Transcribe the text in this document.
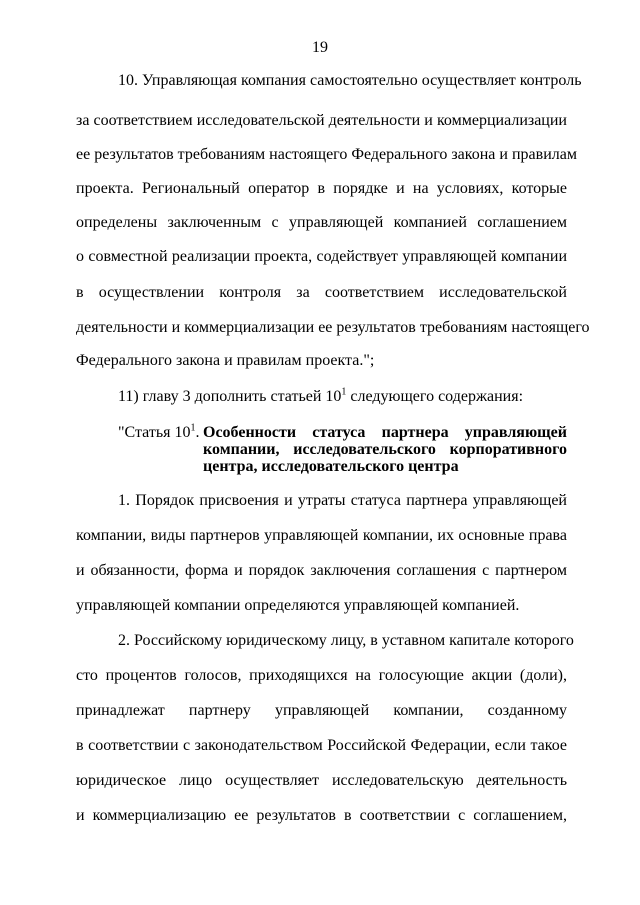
19
10. Управляющая компания самостоятельно осуществляет контроль
за соответствием исследовательской деятельности и коммерциализации
ее результатов требованиям настоящего Федерального закона и правилам
проекта. Региональный оператор в порядке и на условиях, которые
определены заключенным с управляющей компанией соглашением
о совместной реализации проекта, содействует управляющей компании
в осуществлении контроля за соответствием исследовательской
деятельности и коммерциализации ее результатов требованиям настоящего
Федерального закона и правилам проекта.";
11) главу 3 дополнить статьей $10^1$ следующего содержания:
"Статья $10^1$. Особенности статуса партнера управляющей
компании, исследовательского корпоративного
центра, исследовательского центра
1. Порядок присвоения и утраты статуса партнера управляющей
компании, виды партнеров управляющей компании, их основные права
и обязанности, форма и порядок заключения соглашения с партнером
управляющей компании определяются управляющей компанией.
2. Российскому юридическому лицу, в уставном капитале которого
сто процентов голосов, приходящихся на голосующие акции (доли),
принадлежат партнеру управляющей компании, созданному
в соответствии с законодательством Российской Федерации, если такое
юридическое лицо осуществляет исследовательскую деятельность
и коммерциализацию ее результатов в соответствии с соглашением,
